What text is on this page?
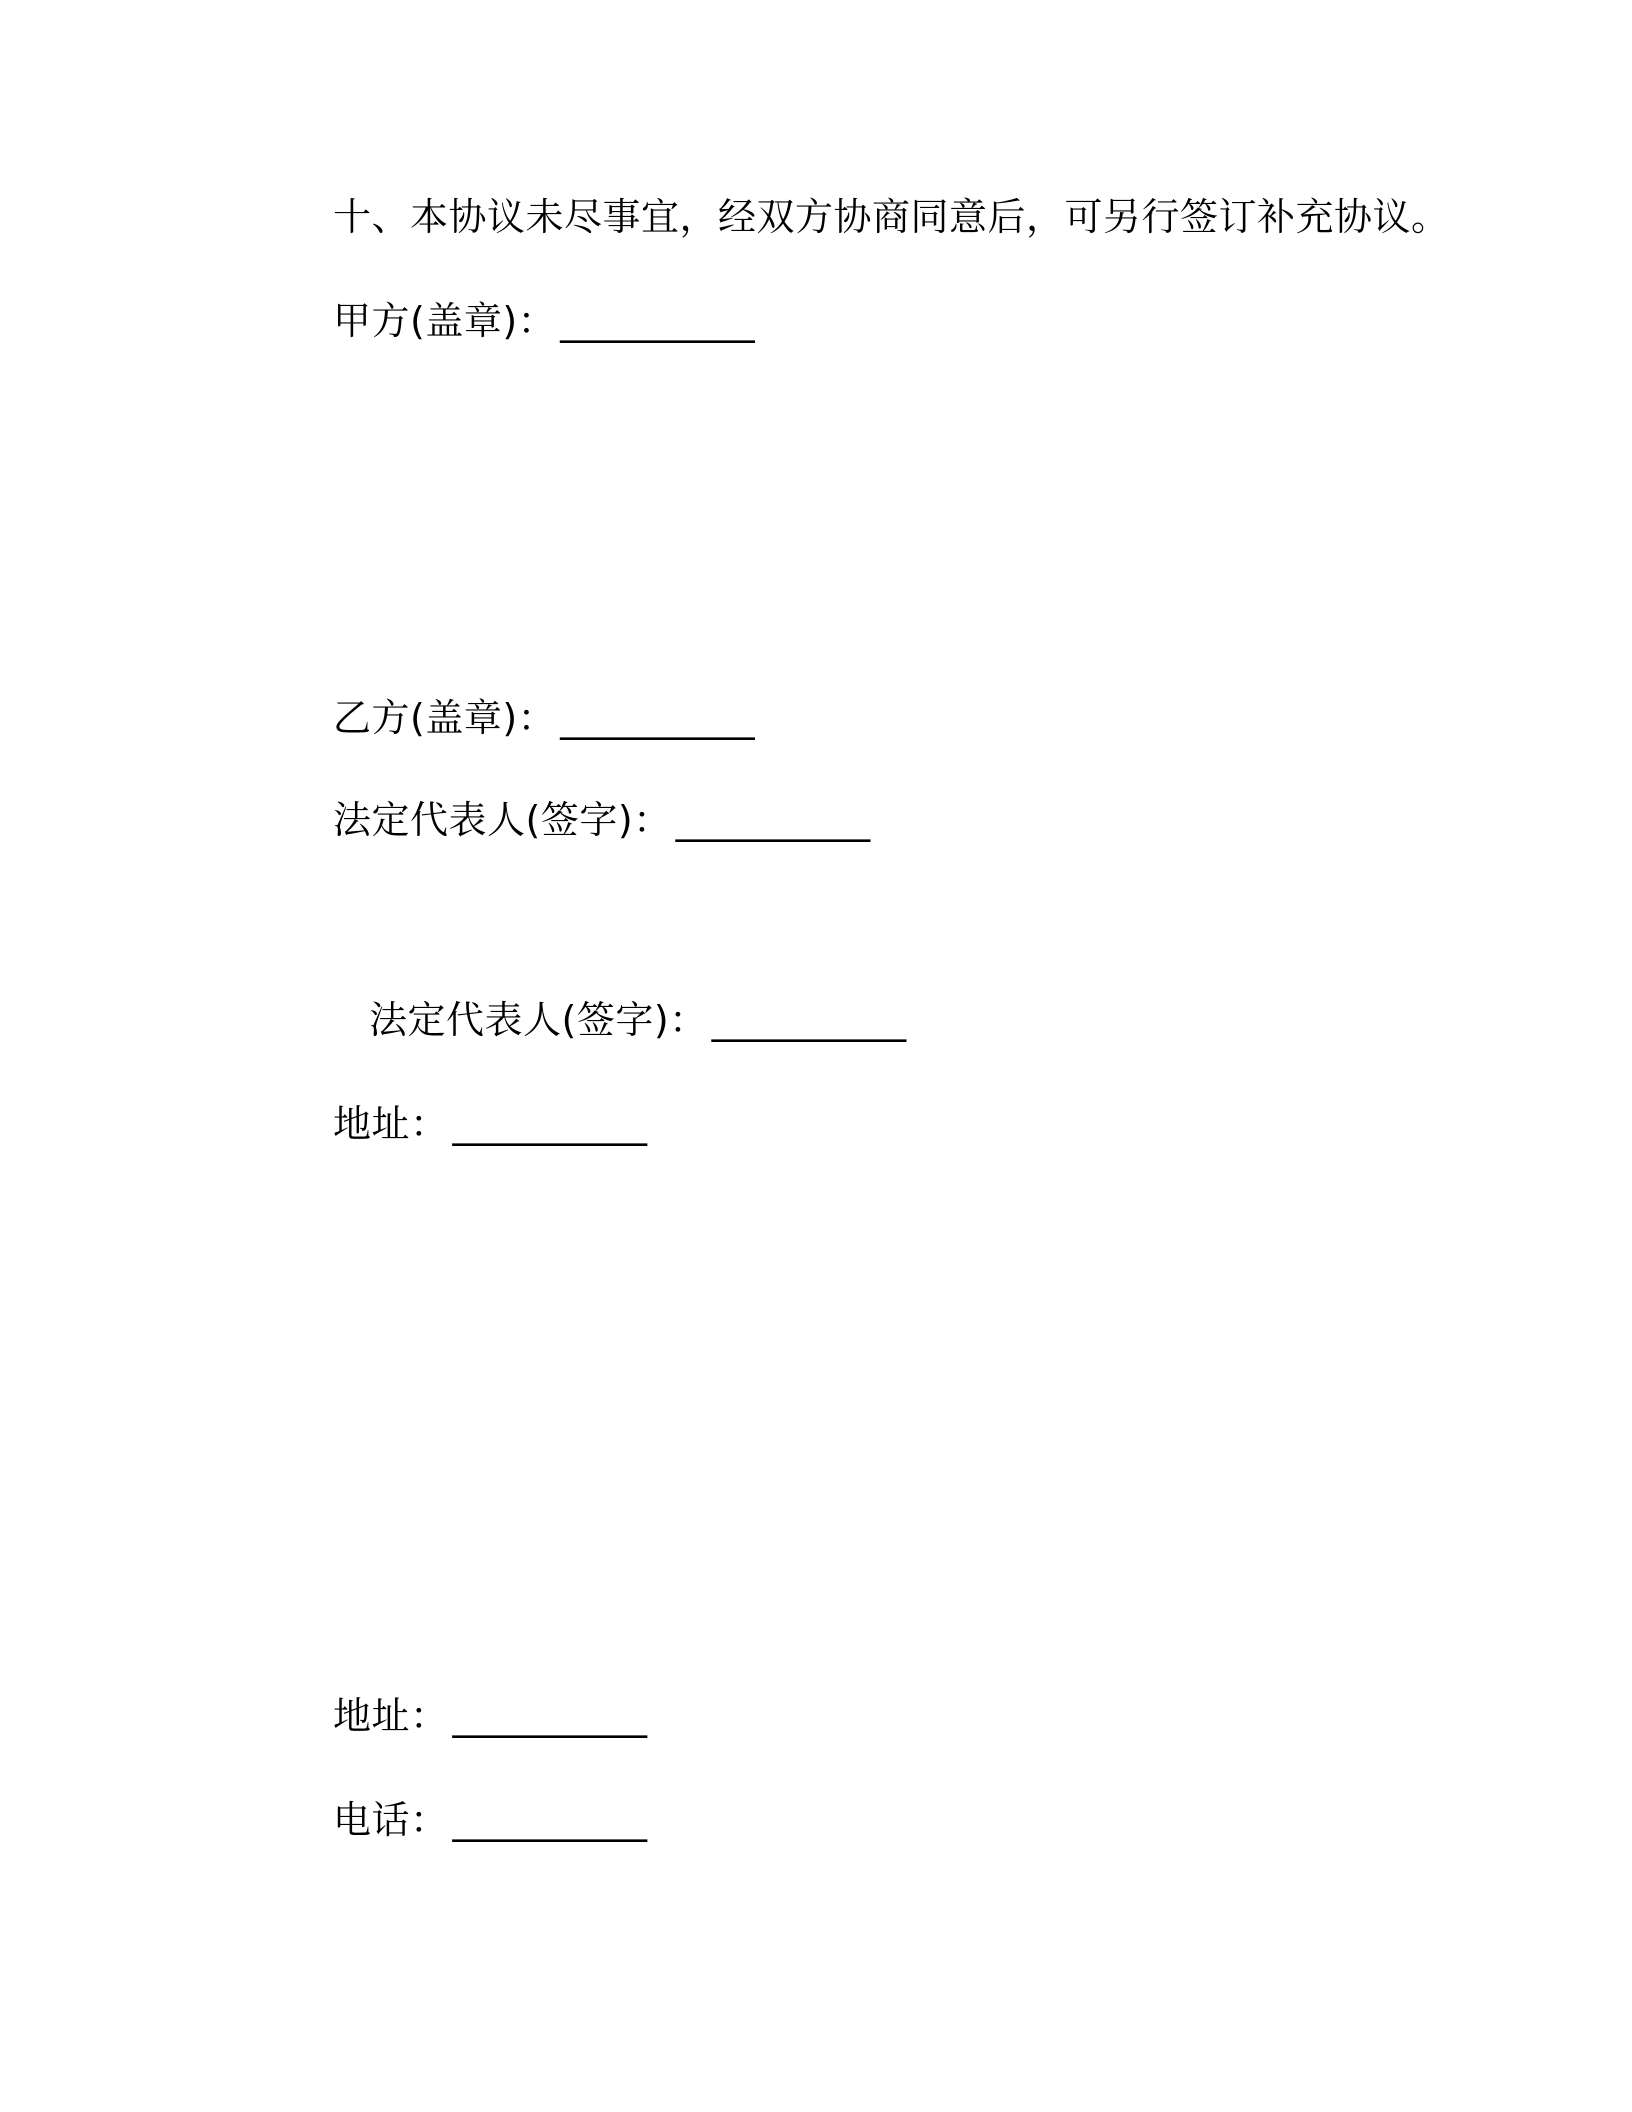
十、本协议未尽事宜，经双方协商同意后，可另行签订补充协议。
甲方(盖章)： __________
乙方(盖章)： __________
法定代表人(签字)： __________
法定代表人(签字)： __________
地址： __________
地址： __________
电话： __________
